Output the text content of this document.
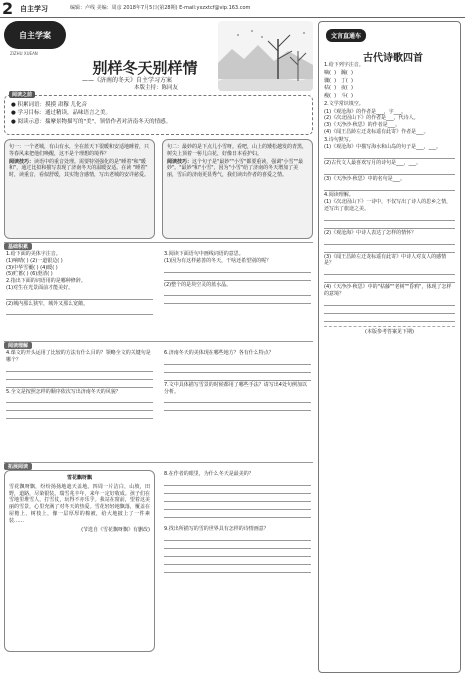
2 自主学习	编辑：卢线 美编：周彦 2018年7月5日(第28期) E-mail:yxzxtcf@vip.163.com
自主学案
ZIZHU XUEAN
别样冬天别样情
——《济南的冬天》自主学习方案
本版主持：陈同友
阅读之前
● 积累词语：摸摸 肃穆 儿化音
● 学习目标：通过精读，品味语言之美。
● 阅读示意：揣摩景物描写的"美"，领悟作者对济南冬天的情感。

句一：一个老城，有山有水，全在蓝天下很暖和安适地睡着，只等春风来把他们唤醒，这不是个理想的境界？

阅读技巧：读语中的重音处理。需要特别强化的是"睡着"和"暖和"，通过比拟和描写表现了济南冬天的温暖安适。在读 "睡着" 时，读重音，看似舒缓，其实饱含感情，写出老城的安详慈爱。

句二：最妙的是下点儿小雪呀。看吧，山上的矮松越发的青黑，树尖上顶着一髻儿白花，好像日本看护妇。

阅读技巧：这个句子是"最妙""小雪"都要重读，强调"小雪""最妙"。"最妙"和"小雪"，因为"小雪"给了济南的冬天增加了美丽，雪后的济南更显秀气，我们读出作者的喜爱之情。

基础积累
1.给下面的美体字注音。
(1)响晴( ) (2)一道银边( )
(3)中华雪覆( ) (4)暖( )
(5)贮蓄( ) (6)澄清( )
2.指出下面的词语用的是哪种修辞。
(1)对生在光景面前才能美好。
(2)城内那么狭窄，城外又那么宽敞。
3.阅读下面语句中画线词语的意思。
(1)因为有这样慈善的冬天，干啥还希望别的呢？
(2)整个的是块空灵的蓝水晶。
阅读理解
4.课文的开头运用了比较的方法有什么目的？领略全文的关键句是哪个？
5.全文是按照怎样的顺序依次写出济南冬天的风貌？
6.济南冬天的美体现在哪些地方？各有什么特点？
7.文中具体描写雪景的时候都用了哪些手法？请写出4处句例加以分析。
拓展阅读
雪花飘呀飘
雪花飘呀飘，纷纷扬扬地遮天盖地。四周一片洁白，山坡，田野，道路，尽染银装。瑞雪兆丰年，来年一定好收成。孩子们在雪地里堆雪人，打雪仗，玩得不亦乐乎。我站在窗前，望着这美丽的雪景，心里充满了对冬天的热爱。雪花轻轻地飘落，覆盖在屋檐上，树枝上，像一层厚厚的棉被，给大地披上了一件素装……
(节选自《雪花飘呀飘》有删改)
8.在作者的眼里，为什么冬天是最美的？
9.找出所描写的雪的世界具有怎样的诗情画意？
文言直通车
古代诗歌四首
1.给下列字注音。
嘀(  )   瀚(  )
骤(  )   丁(  )
枯(  )   夜(  )
瘦(  )   斗(  )
2.文学常识填空。
(1)《观沧海》的作者是___，字___。
(2)《次北固山下》的作者是___，代诗人。
(3)《天净沙·秋思》的作者是___。
(4)《闻王昌龄左迁龙标遥有此寄》作者是___。
3.诗句默写。
(1)《观沧海》中描写海水和山岛的句子是___，___。
(2)古代文人最喜欢写月的诗句是___，___。
(3)《天净沙·秋思》中的名句是___。
4.阅读理解。
(1)《次北固山下》一诗中，不仅写出了诗人的思乡之情，还写出了旅途之美。
(2)《观沧海》中诗人表达了怎样的情怀？
(3)《闻王昌龄左迁龙标遥有此寄》中诗人对友人的感情是？
(4)《天净沙·秋思》中的"枯藤""老树""昏鸦"，体现了怎样的意境？
(本版参考答案见下期)
